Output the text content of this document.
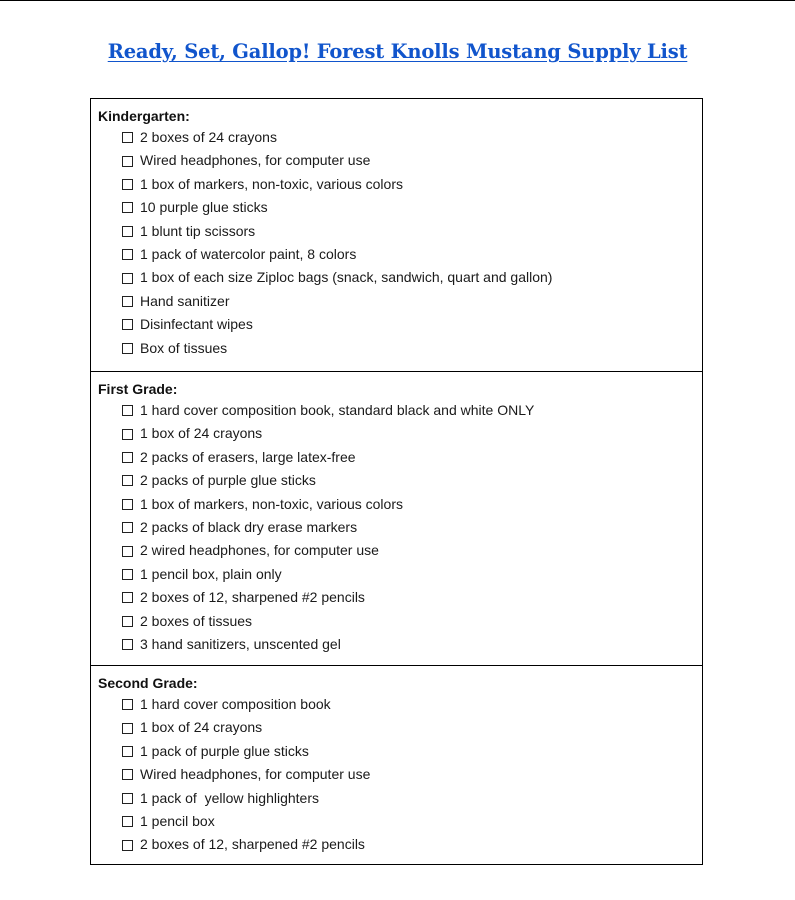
Ready, Set, Gallop! Forest Knolls Mustang Supply List
Kindergarten:
2 boxes of 24 crayons
Wired headphones, for computer use
1 box of markers, non-toxic, various colors
10 purple glue sticks
1 blunt tip scissors
1 pack of watercolor paint, 8 colors
1 box of each size Ziploc bags (snack, sandwich, quart and gallon)
Hand sanitizer
Disinfectant wipes
Box of tissues
First Grade:
1 hard cover composition book, standard black and white ONLY
1 box of 24 crayons
2 packs of erasers, large latex-free
2 packs of purple glue sticks
1 box of markers, non-toxic, various colors
2 packs of black dry erase markers
2 wired headphones, for computer use
1 pencil box, plain only
2 boxes of 12, sharpened #2 pencils
2 boxes of tissues
3 hand sanitizers, unscented gel
Second Grade:
1 hard cover composition book
1 box of 24 crayons
1 pack of purple glue sticks
Wired headphones, for computer use
1 pack of  yellow highlighters
1 pencil box
2 boxes of 12, sharpened #2 pencils
